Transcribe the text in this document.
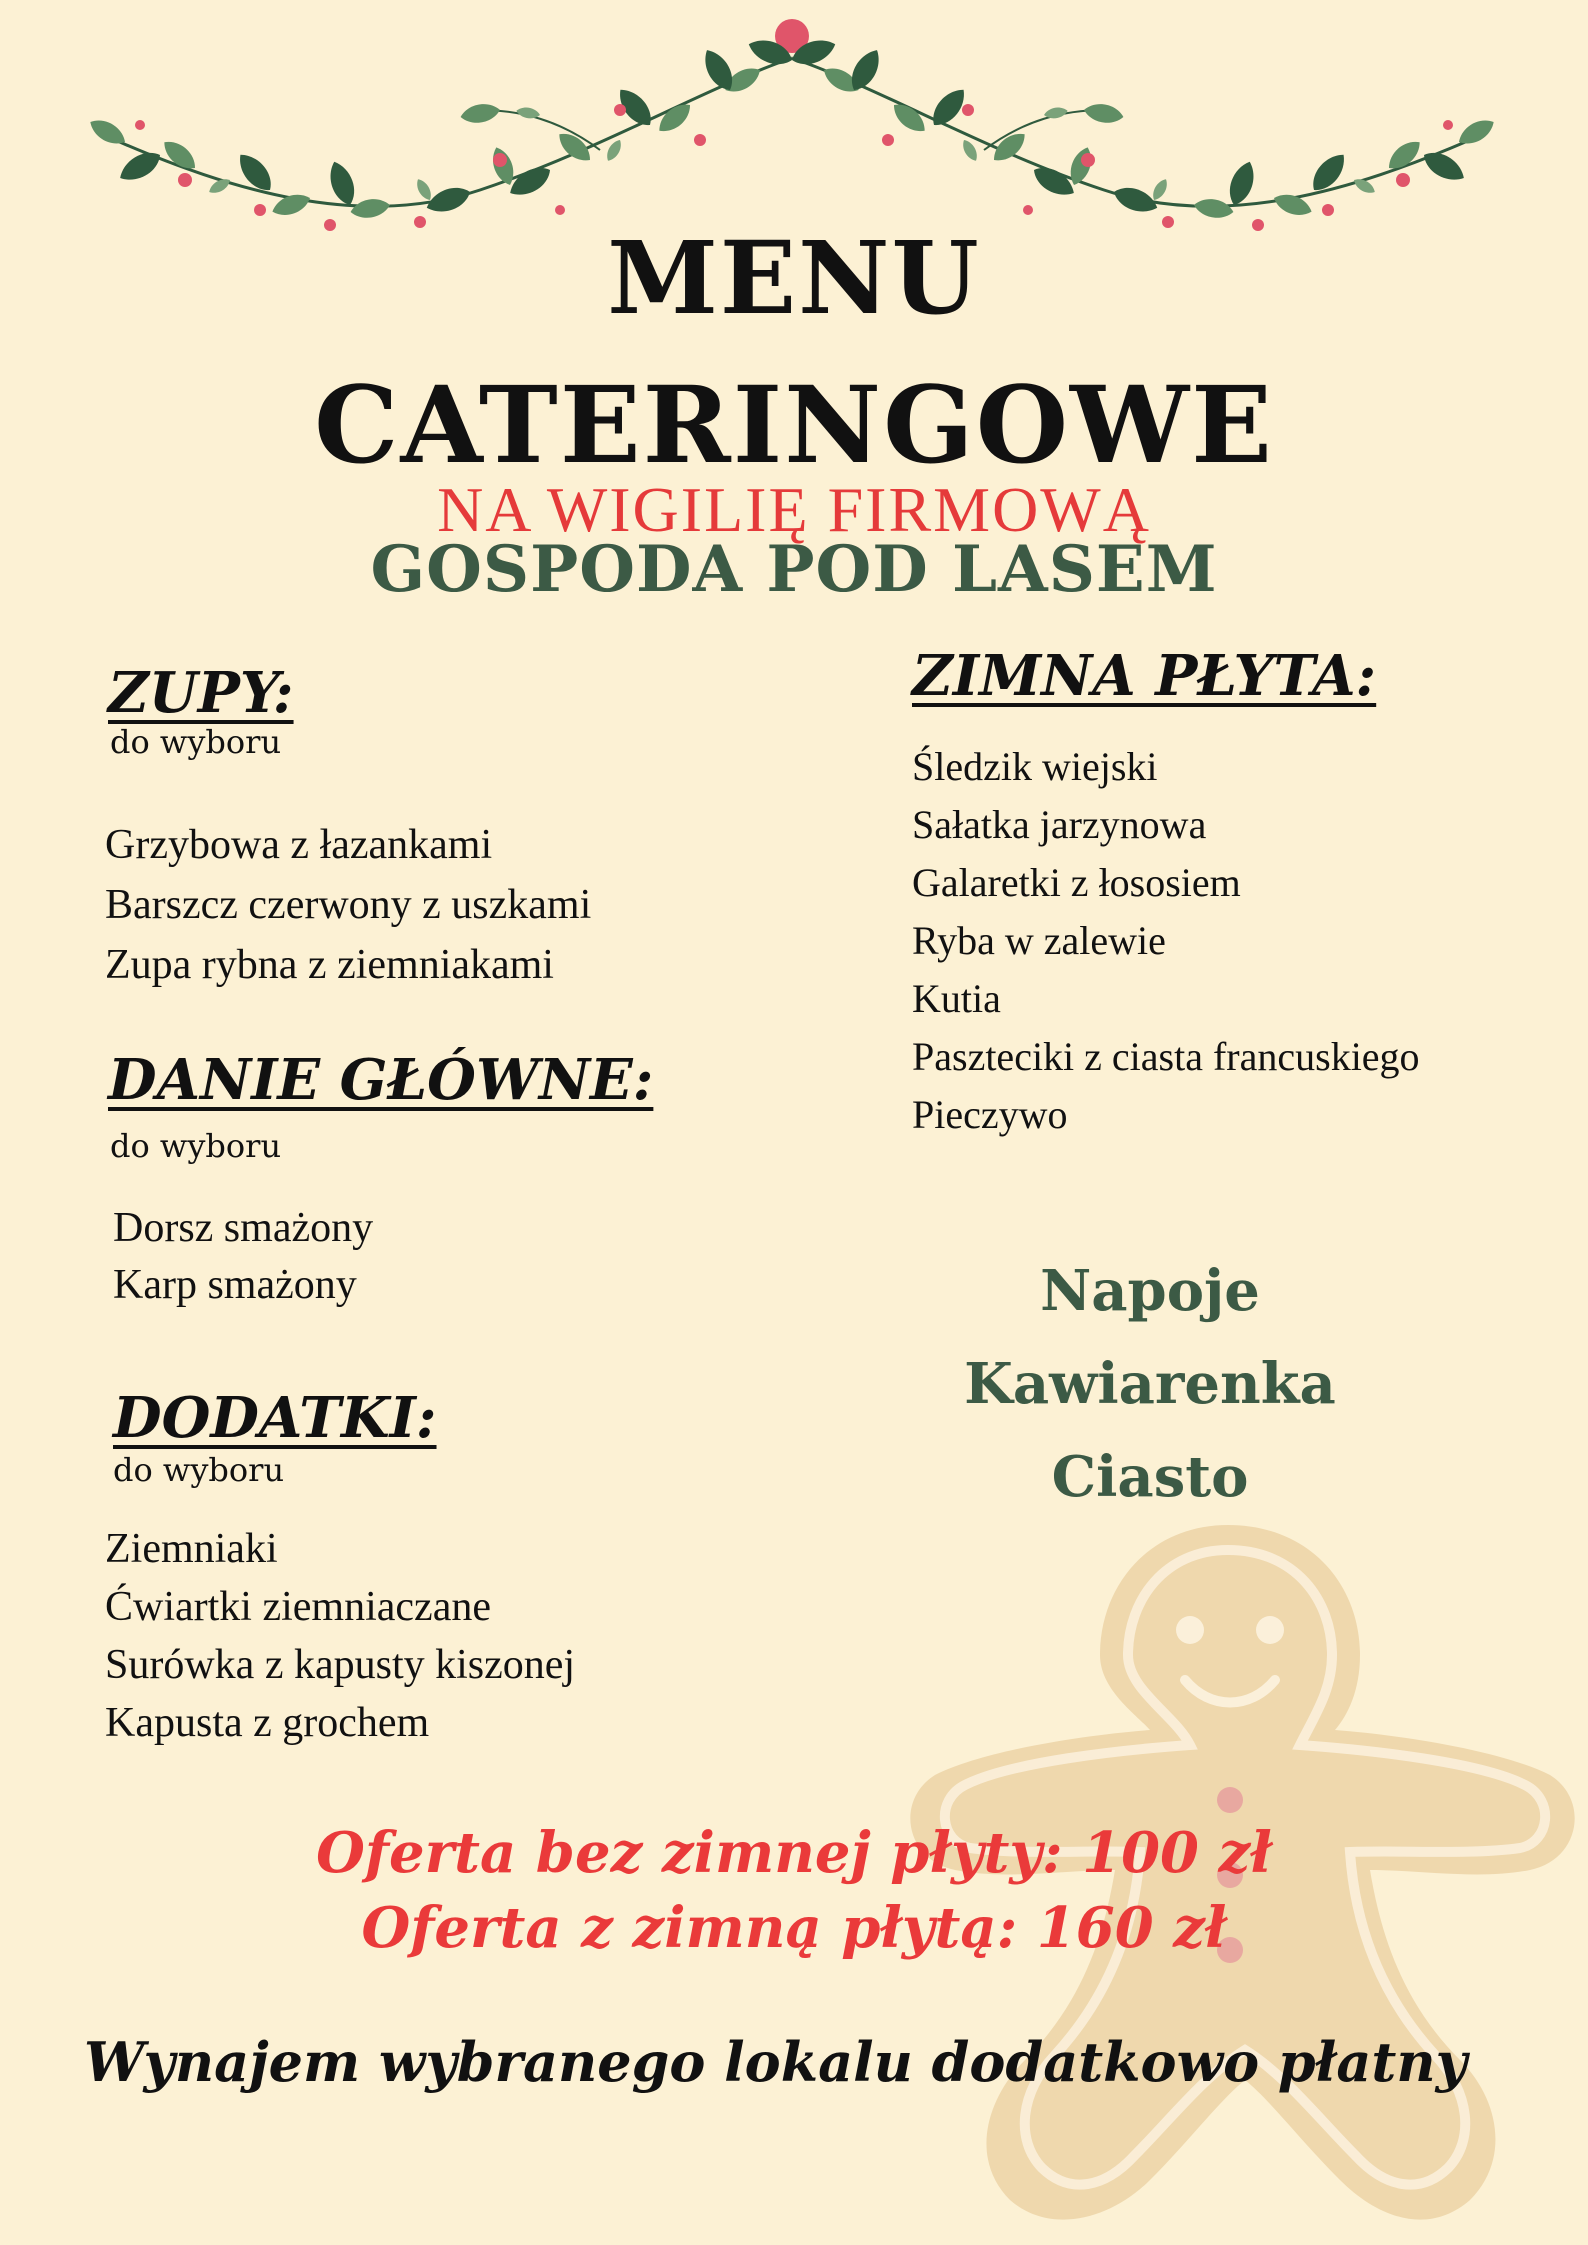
MENU
CATERINGOWE
NA WIGILIĘ FIRMOWĄ
GOSPODA POD LASEM
ZUPY:
do wyboru
Grzybowa z łazankami
Barszcz czerwony z uszkami
Zupa rybna z ziemniakami
DANIE GŁÓWNE:
do wyboru
Dorsz smażony
Karp smażony
DODATKI:
do wyboru
Ziemniaki
Ćwiartki ziemniaczane
Surówka z kapusty kiszonej
Kapusta z grochem
ZIMNA PŁYTA:
Śledzik wiejski
Sałatka jarzynowa
Galaretki z łososiem
Ryba w zalewie
Kutia
Paszteciki z ciasta francuskiego
Pieczywo
Napoje
Kawiarenka
Ciasto
Oferta bez zimnej płyty: 100 zł
Oferta z zimną płytą: 160 zł
Wynajem wybranego lokalu dodatkowo płatny
